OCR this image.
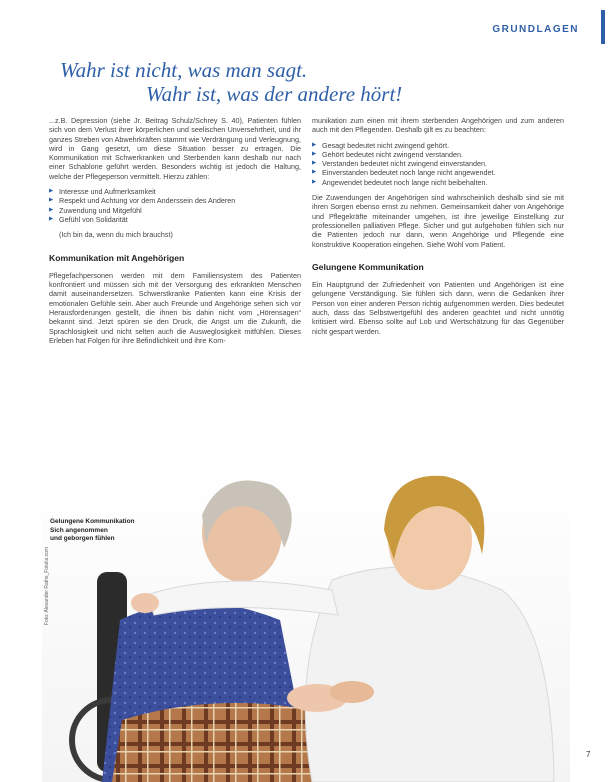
GRUNDLAGEN
Wahr ist nicht, was man sagt.
Wahr ist, was der andere hört!

...z.B. Depression (siehe Jr. Beitrag Schulz/Schrey S. 40), Patienten fühlen sich von dem Verlust ihrer körperlichen und seelischen Unversehrtheit, und ihr ganzes Streben von Abwehrkräften stammt wie Verdrängung und Verleugnung, wird in Gang gesetzt, um diese Situation besser zu ertragen. Die Kommunikation mit Schwerkranken und Sterbenden kann deshalb nur nach einer Schablone geführt werden. Besonders wichtig ist jedoch die Haltung, welche der Pflegeperson vermittelt. Hierzu zählen:

▶ Interesse und Aufmerksamkeit
▶ Respekt und Achtung vor dem Anderssein des Anderen
▶ Zuwendung und Mitgefühl
▶ Gefühl von Solidarität
(Ich bin da, wenn du mich brauchst)
Kommunikation mit Angehörigen

Pflegefachpersonen werden mit dem Familiensystem des Patienten konfrontiert und müssen sich mit der Versorgung des erkrankten Menschen damit auseinandersetzen. Schwerstkranke Patienten kann eine Krisis der emotionalen Gefühle sein. Aber auch Freunde und Angehörige sehen sich vor Herausforderungen gestellt, die ihnen bis dahin nicht vom „Hörensagen“ bekannt sind. Jetzt spüren sie den Druck, die Angst um die Zukunft, die Sprachlosigkeit und nicht selten auch die Ausweglosigkeit mitfühlen. Dieses Erleben hat Folgen für ihre Befindlichkeit und ihre Kom-

munikation zum einen mit ihrem sterbenden Angehörigen und zum anderen auch mit den Pflegenden. Deshalb gilt es zu beachten:

▶ Gesagt bedeutet nicht zwingend gehört.
▶ Gehört bedeutet nicht zwingend verstanden.
▶ Verstanden bedeutet nicht zwingend einverstanden.
▶ Einverstanden bedeutet noch lange nicht angewendet.
▶ Angewendet bedeutet noch lange nicht beibehalten.

Die Zuwendungen der Angehörigen sind wahrscheinlich deshalb sind sie mit ihren Sorgen ebenso ernst zu nehmen. Gemeinsamkeit daher von Angehörige und Pflegekräfte miteinander umgehen, ist ihre jeweilige Einstellung zur professionellen palliativen Pflege. Sicher und gut aufgehoben fühlen sich nur die Patienten jedoch nur dann, wenn Angehörige und Pflegende eine konstruktive Kooperation eingehen. Siehe Wohl vom Patient.

Gelungene Kommunikation

Ein Hauptgrund der Zufriedenheit von Patienten und Angehörigen ist eine gelungene Verständigung. Sie fühlen sich dann, wenn die Gedanken ihrer Person von einer anderen Person richtig aufgenommen werden. Dies bedeutet auch, dass das Selbstwertgefühl des anderen geachtet und nicht unnötig kritisiert wird. Ebenso sollte auf Lob und Wertschätzung für das Gegenüber nicht gespart werden.

Gelungene Kommunikation
Sich angenommen
und geborgen fühlen
Foto: Alexander Raths_Fotolia.com
7
